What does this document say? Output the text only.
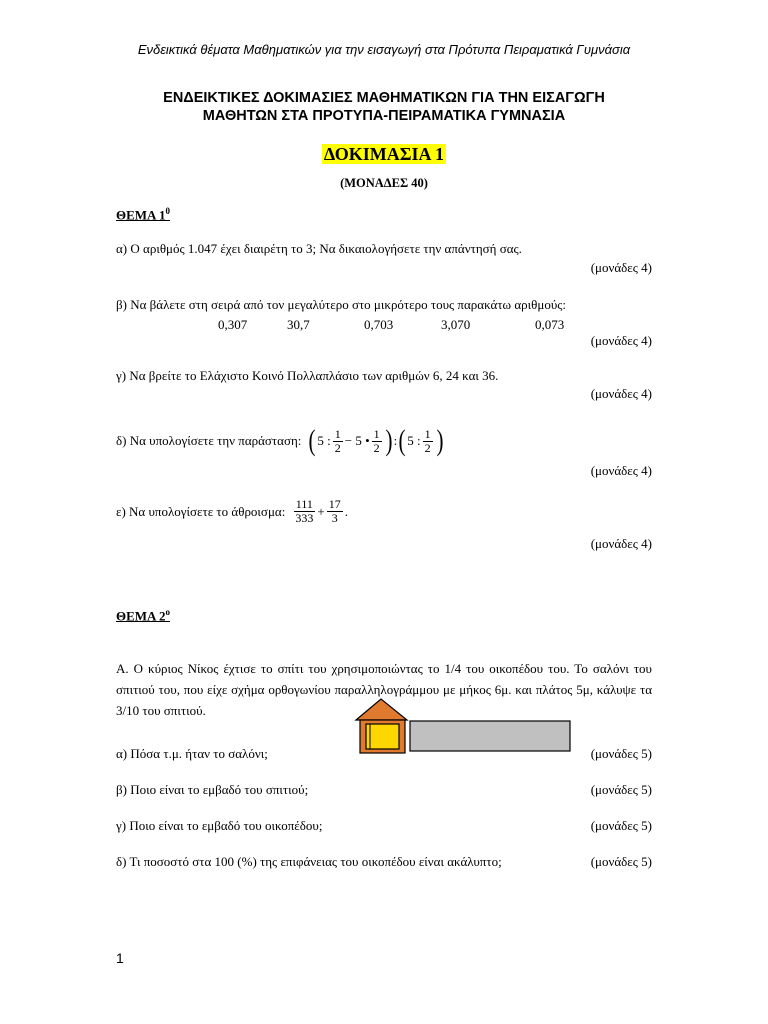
Ενδεικτικά θέματα Μαθηματικών για την εισαγωγή στα Πρότυπα Πειραματικά Γυμνάσια
ΕΝΔΕΙΚΤΙΚΕΣ ΔΟΚΙΜΑΣΙΕΣ ΜΑΘΗΜΑΤΙΚΩΝ ΓΙΑ ΤΗΝ ΕΙΣΑΓΩΓΗ
ΜΑΘΗΤΩΝ ΣΤΑ ΠΡΟΤΥΠΑ-ΠΕΙΡΑΜΑΤΙΚΑ ΓΥΜΝΑΣΙΑ
ΔΟΚΙΜΑΣΙΑ 1
(ΜΟΝΑΔΕΣ 40)
ΘΕΜΑ $1^0$
α) Ο αριθμός 1.047 έχει διαιρέτη το 3; Να δικαιολογήσετε την απάντησή σας.
(μονάδες 4)
β) Να βάλετε στη σειρά από τον μεγαλύτερο στο μικρότερο τους παρακάτω αριθμούς:
0,307	30,7	0,703	3,070	0,073
(μονάδες 4)
γ) Να βρείτε το Ελάχιστο Κοινό Πολλαπλάσιο των αριθμών 6, 24 και 36.
(μονάδες 4)
δ) Να υπολογίσετε την παράσταση: ( 5 : $\frac{1}{2} - 5$ • $\frac{1}{2}$ ) : ( 5 : $\frac{1}{2}$ )
(μονάδες 4)
ε) Να υπολογίσετε το άθροισμα: $\frac{111}{333} + \frac{17}{3}$ .
(μονάδες 4)
ΘΕΜΑ $2^o$
Α. Ο κύριος Νίκος έχτισε το σπίτι του χρησιμοποιώντας το 1/4 του οικοπέδου του. Το σαλόνι του σπιτιού του, που είχε σχήμα ορθογωνίου παραλληλογράμμου με μήκος 6μ. και πλάτος 5μ, κάλυψε τα 3/10 του σπιτιού.
α) Πόσα τ.μ. ήταν το σαλόνι;	(μονάδες 5)
β) Ποιο είναι το εμβαδό του σπιτιού;	(μονάδες 5)
γ) Ποιο είναι το εμβαδό του οικοπέδου;	(μονάδες 5)
δ) Τι ποσοστό στα 100 (%) της επιφάνειας του οικοπέδου είναι ακάλυπτο;	(μονάδες 5)
1
